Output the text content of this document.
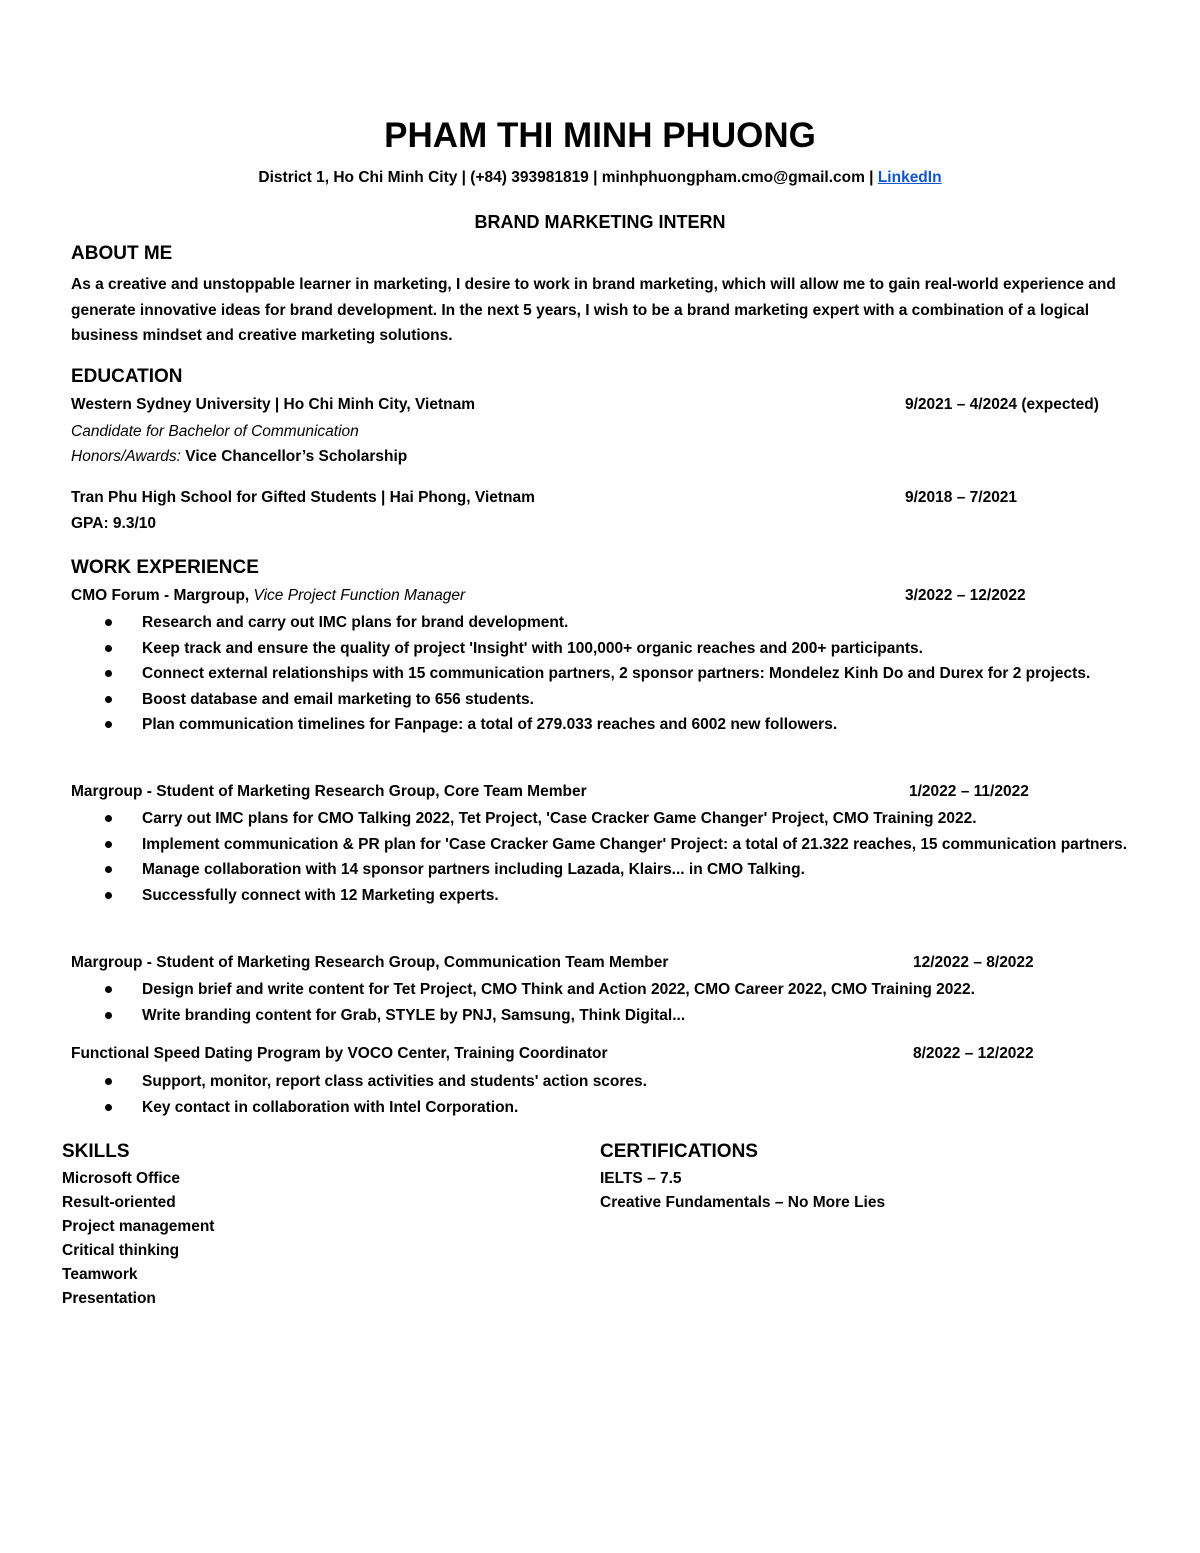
PHAM THI MINH PHUONG
District 1, Ho Chi Minh City | (+84) 393981819 | minhphuongpham.cmo@gmail.com | LinkedIn
BRAND MARKETING INTERN
ABOUT ME
As a creative and unstoppable learner in marketing, I desire to work in brand marketing, which will allow me to gain real-world experience and generate innovative ideas for brand development. In the next 5 years, I wish to be a brand marketing expert with a combination of a logical business mindset and creative marketing solutions.
EDUCATION
Western Sydney University | Ho Chi Minh City, Vietnam	9/2021 – 4/2024 (expected)
Candidate for Bachelor of Communication
Honors/Awards: Vice Chancellor’s Scholarship
Tran Phu High School for Gifted Students | Hai Phong, Vietnam	9/2018 – 7/2021
GPA: 9.3/10
WORK EXPERIENCE
CMO Forum - Margroup, Vice Project Function Manager	3/2022 – 12/2022
Research and carry out IMC plans for brand development.
Keep track and ensure the quality of project 'Insight' with 100,000+ organic reaches and 200+ participants.
Connect external relationships with 15 communication partners, 2 sponsor partners: Mondelez Kinh Do and Durex for 2 projects.
Boost database and email marketing to 656 students.
Plan communication timelines for Fanpage: a total of 279.033 reaches and 6002 new followers.
Margroup - Student of Marketing Research Group, Core Team Member	1/2022 – 11/2022
Carry out IMC plans for CMO Talking 2022, Tet Project, 'Case Cracker Game Changer' Project, CMO Training 2022.
Implement communication & PR plan for 'Case Cracker Game Changer' Project: a total of 21.322 reaches, 15 communication partners.
Manage collaboration with 14 sponsor partners including Lazada, Klairs... in CMO Talking.
Successfully connect with 12 Marketing experts.
Margroup - Student of Marketing Research Group, Communication Team Member	12/2022 – 8/2022
Design brief and write content for Tet Project, CMO Think and Action 2022, CMO Career 2022, CMO Training 2022.
Write branding content for Grab, STYLE by PNJ, Samsung, Think Digital...
Functional Speed Dating Program by VOCO Center, Training Coordinator	8/2022 – 12/2022
Support, monitor, report class activities and students' action scores.
Key contact in collaboration with Intel Corporation.
SKILLS
Microsoft Office
Result-oriented
Project management
Critical thinking
Teamwork
Presentation
CERTIFICATIONS
IELTS – 7.5
Creative Fundamentals – No More Lies
